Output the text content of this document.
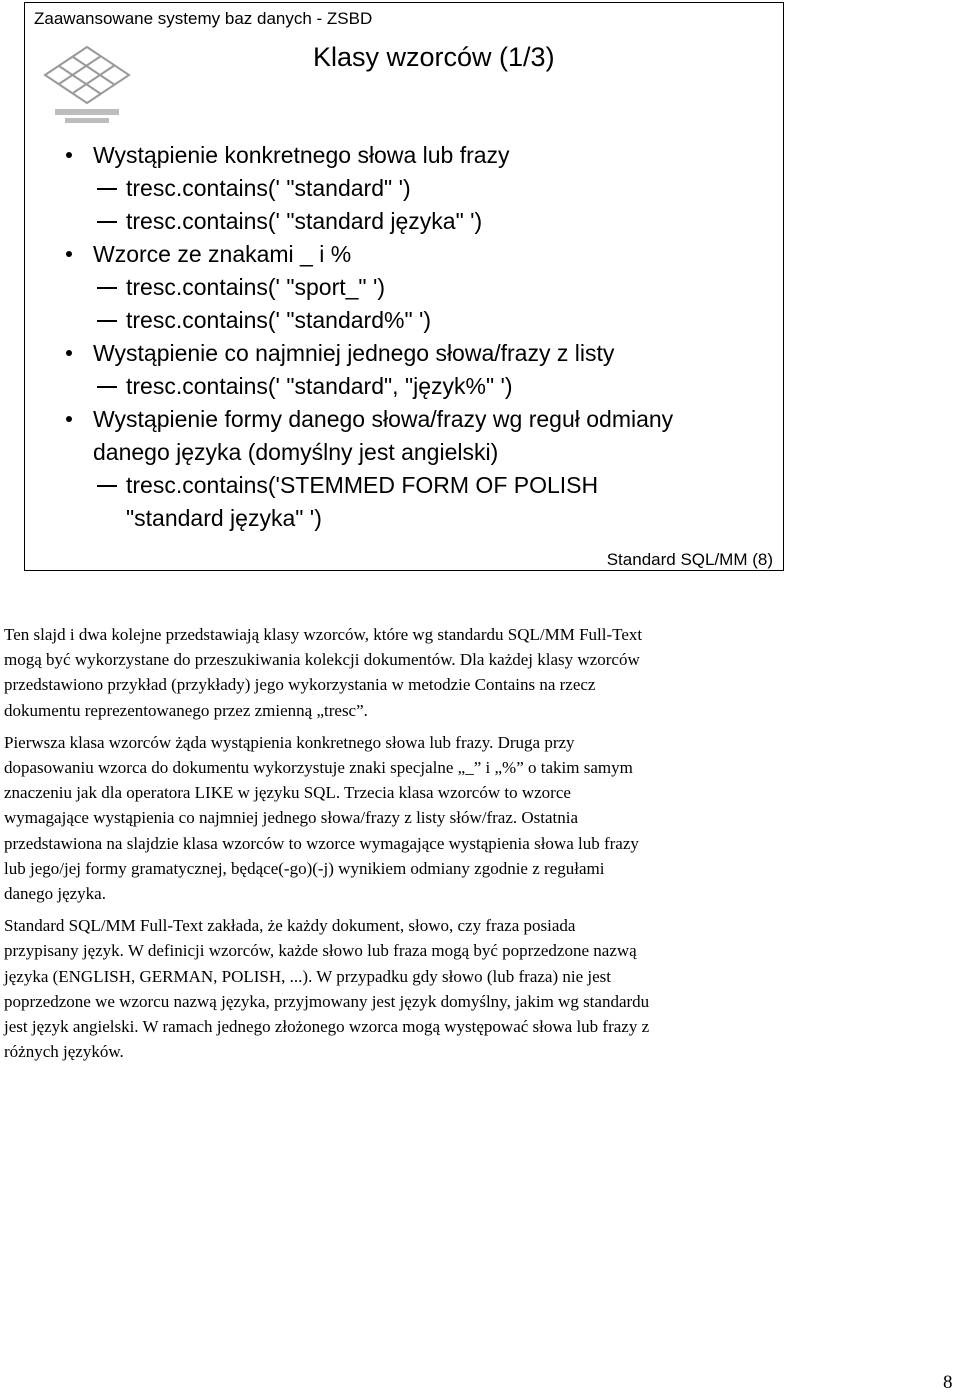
Zaawansowane systemy baz danych - ZSBD
Klasy wzorców (1/3)
Wystąpienie konkretnego słowa lub frazy
tresc.contains(' "standard" ')
tresc.contains(' "standard języka" ')
Wzorce ze znakami _ i %
tresc.contains(' "sport_" ')
tresc.contains(' "standard%" ')
Wystąpienie co najmniej jednego słowa/frazy z listy
tresc.contains(' "standard", "język%" ')
Wystąpienie formy danego słowa/frazy wg reguł odmiany
danego języka (domyślny jest angielski)
tresc.contains('STEMMED FORM OF POLISH
"standard języka" ')
Standard SQL/MM (8)

Ten slajd i dwa kolejne przedstawiają klasy wzorców, które wg standardu SQL/MM Full-Text
mogą być wykorzystane do przeszukiwania kolekcji dokumentów. Dla każdej klasy wzorców
przedstawiono przykład (przykłady) jego wykorzystania w metodzie Contains na rzecz
dokumentu reprezentowanego przez zmienną „tresc”.

Pierwsza klasa wzorców żąda wystąpienia konkretnego słowa lub frazy. Druga przy
dopasowaniu wzorca do dokumentu wykorzystuje znaki specjalne „_” i „%” o takim samym
znaczeniu jak dla operatora LIKE w języku SQL. Trzecia klasa wzorców to wzorce
wymagające wystąpienia co najmniej jednego słowa/frazy z listy słów/fraz. Ostatnia
przedstawiona na slajdzie klasa wzorców to wzorce wymagające wystąpienia słowa lub frazy
lub jego/jej formy gramatycznej, będące(-go)(-j) wynikiem odmiany zgodnie z regułami
danego języka.

Standard SQL/MM Full-Text zakłada, że każdy dokument, słowo, czy fraza posiada
przypisany język. W definicji wzorców, każde słowo lub fraza mogą być poprzedzone nazwą
języka (ENGLISH, GERMAN, POLISH, ...). W przypadku gdy słowo (lub fraza) nie jest
poprzedzone we wzorcu nazwą języka, przyjmowany jest język domyślny, jakim wg standardu
jest język angielski. W ramach jednego złożonego wzorca mogą występować słowa lub frazy z
różnych języków.

8
